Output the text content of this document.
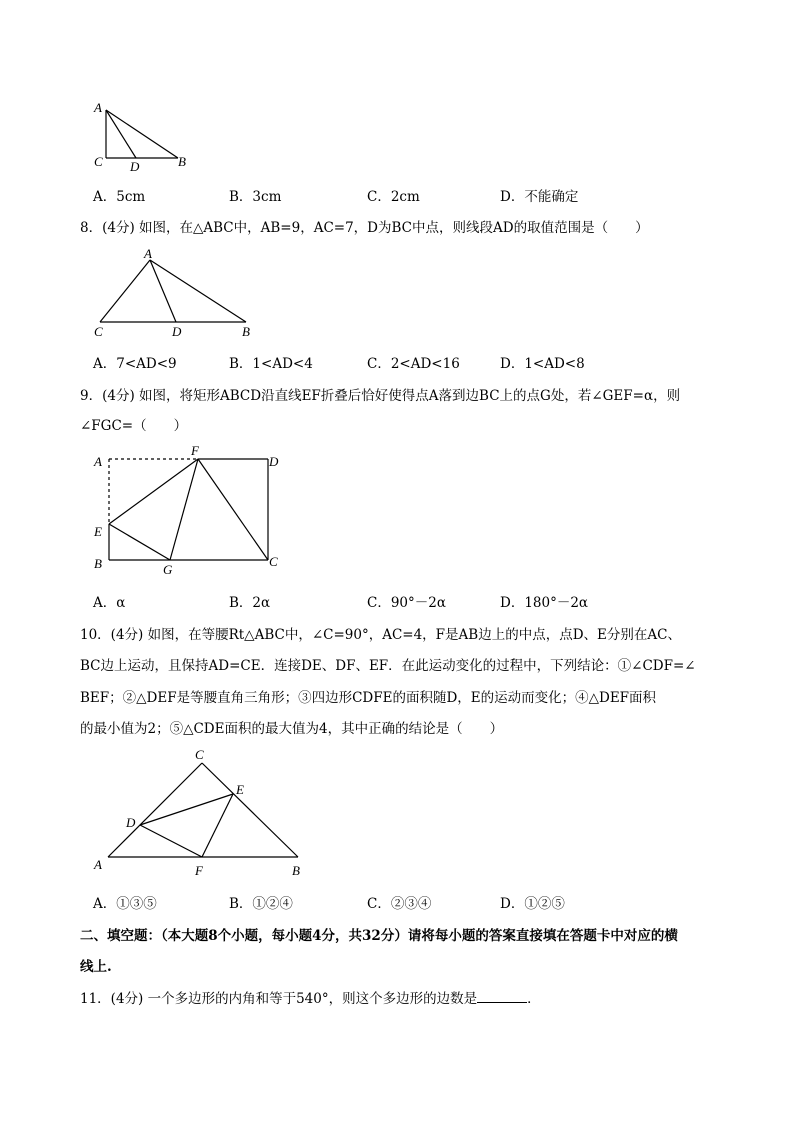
A
C D	B
A．5cm	B．3cm	C．2cm	D．不能确定
8．(4分) 如图，在△ABC中，AB=9，AC=7，D为BC中点，则线段AD的取值范围是（　　）
A
C	D	B
A．7<AD<9	B．1<AD<4	C．2<AD<16	D．1<AD<8
9．(4分) 如图，将矩形ABCD沿直线EF折叠后恰好使得点A落到边BC上的点G处，若∠GEF=α，则
∠FGC=（　　）
A
F
D
E
B	G
C
A．α	B．2α	C．90°－2α	D．180°－2α
10．(4分) 如图，在等腰Rt△ABC中，∠C=90°，AC=4，F是AB边上的中点，点D、E分别在AC、
BC边上运动，且保持AD=CE．连接DE、DF、EF．在此运动变化的过程中，下列结论：①∠CDF=∠
BEF；②△DEF是等腰直角三角形；③四边形CDFE的面积随D，E的运动而变化；④△DEF面积
的最小值为2；⑤△CDE面积的最大值为4，其中正确的结论是（　　）
C
E
D
A	F	B
A．①③⑤	B．①②④	C．②③④	D．①②⑤
二、填空题：（本大题8个小题，每小题4分，共32分）请将每小题的答案直接填在答题卡中对应的横
线上.
11．(4分) 一个多边形的内角和等于540°，则这个多边形的边数是	．
